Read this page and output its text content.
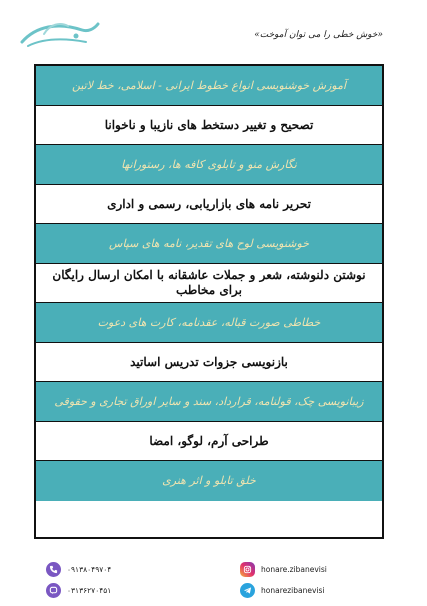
«خوش خطی را می توان آموخت»
آموزش خوشنویسی انواع خطوط ایرانی - اسلامی، خط لاتین
تصحیح و تغییر دستخط های نازیبا و ناخوانا
نگارش منو و تابلوی کافه ها، رستورانها
تحریر نامه های بازاریابی، رسمی و اداری
خوشنویسی لوح های تقدیر، نامه های سپاس
نوشتن دلنوشته، شعر و جملات عاشقانه با امکان ارسال رایگان برای مخاطب
خطاطی صورت قباله، عقدنامه، کارت های دعوت
بازنویسی جزوات تدریس اساتید
زیبانویسی چک، قولنامه، قرارداد، سند و سایر اوراق تجاری و حقوقی
طراحی آرم، لوگو، امضا
خلق تابلو و اثر هنری
۰۹۱۳۸۰۴۹۷۰۴
۰۳۱۳۶۲۷۰۴۵۱
honare.zibanevisi
honarezibanevisi
